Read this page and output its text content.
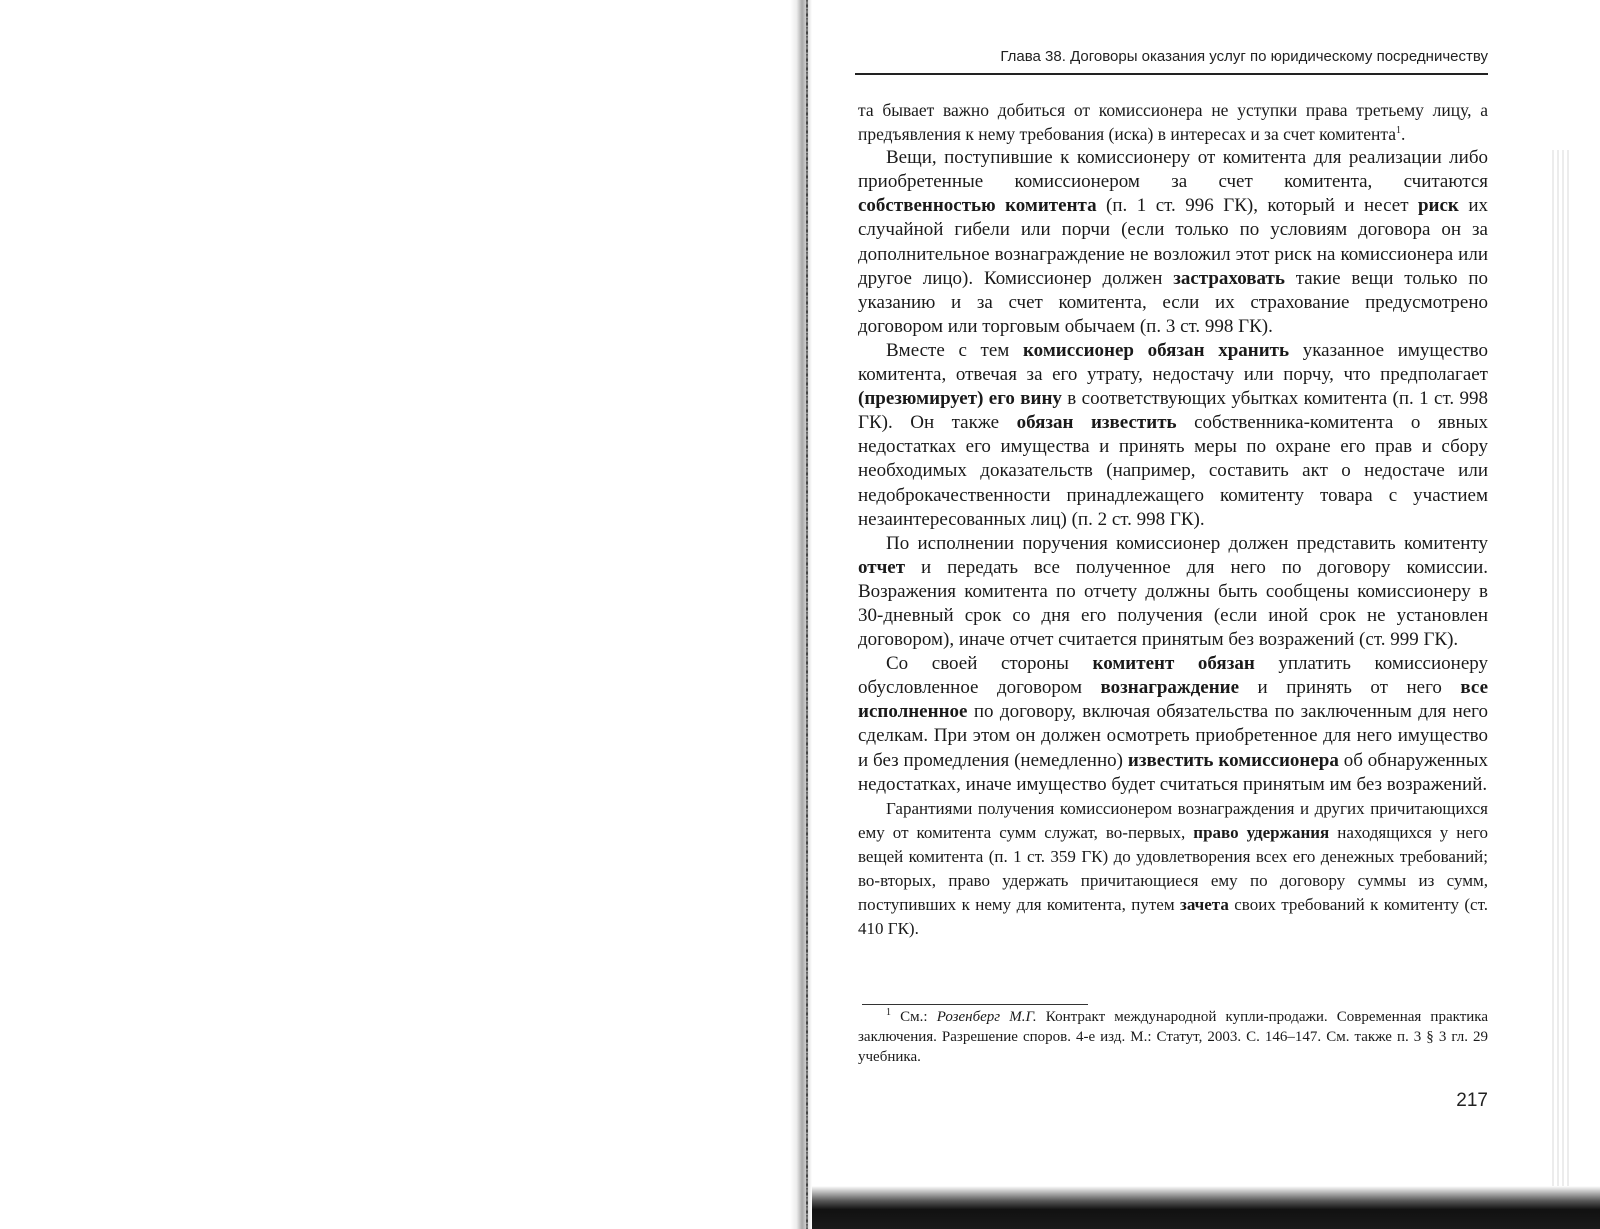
Глава 38. Договоры оказания услуг по юридическому посредничеству

та бывает важно добиться от комиссионера не уступки права третьему лицу, а предъявления к нему требования (иска) в интересах и за счет комитента$^1$.

Вещи, поступившие к комиссионеру от комитента для реализации либо приобретенные комиссионером за счет комитента, считаются собственностью комитента (п. 1 ст. 996 ГК), который и несет риск их случайной гибели или порчи (если только по условиям договора он за дополнительное вознаграждение не возложил этот риск на комиссионера или другое лицо). Комиссионер должен застраховать такие вещи только по указанию и за счет комитента, если их страхование предусмотрено договором или торговым обычаем (п. 3 ст. 998 ГК).

Вместе с тем комиссионер обязан хранить указанное имущество комитента, отвечая за его утрату, недостачу или порчу, что предполагает (презюмирует) его вину в соответствующих убытках комитента (п. 1 ст. 998 ГК). Он также обязан известить собственника-комитента о явных недостатках его имущества и принять меры по охране его прав и сбору необходимых доказательств (например, составить акт о недостаче или недоброкачественности принадлежащего комитенту товара с участием незаинтересованных лиц) (п. 2 ст. 998 ГК).

По исполнении поручения комиссионер должен представить комитенту отчет и передать все полученное для него по договору комиссии. Возражения комитента по отчету должны быть сообщены комиссионеру в 30-дневный срок со дня его получения (если иной срок не установлен договором), иначе отчет считается принятым без возражений (ст. 999 ГК).

Со своей стороны комитент обязан уплатить комиссионеру обусловленное договором вознаграждение и принять от него все исполненное по договору, включая обязательства по заключенным для него сделкам. При этом он должен осмотреть приобретенное для него имущество и без промедления (немедленно) известить комиссионера об обнаруженных недостатках, иначе имущество будет считаться принятым им без возражений.

Гарантиями получения комиссионером вознаграждения и других причитающихся ему от комитента сумм служат, во-первых, право удержания находящихся у него вещей комитента (п. 1 ст. 359 ГК) до удовлетворения всех его денежных требований; во-вторых, право удержать причитающиеся ему по договору суммы из сумм, поступивших к нему для комитента, путем зачета своих требований к комитенту (ст. 410 ГК).

$^1$ См.: Розенберг М.Г. Контракт международной купли-продажи. Современная практика заключения. Разрешение споров. 4-е изд. М.: Статут, 2003. С. 146–147. См. также п. 3 § 3 гл. 29 учебника.
217
